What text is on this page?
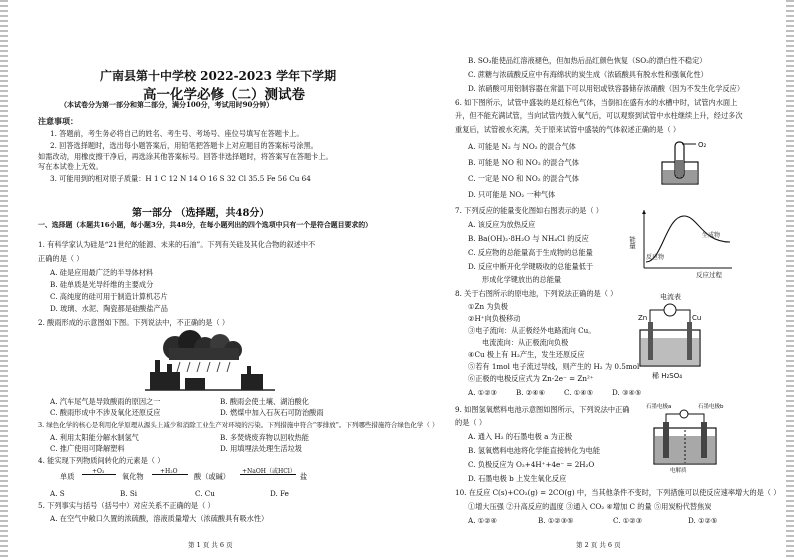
广南县第十中学校 2022-2023 学年下学期
高一化学必修（二）测试卷
（本试卷分为第一部分和第二部分，满分100分，考试用时90分钟）
注意事项：
1. 答题前，考生务必将自己的姓名、考生号、考场号、座位号填写在答题卡上。
2. 回答选择题时，选出每小题答案后，用铅笔把答题卡上对应题目的答案标号涂黑。
如需改动，用橡皮擦干净后，再选涂其他答案标号。回答非选择题时，将答案写在答题卡上。
写在本试卷上无效。
3. 可能用到的相对原子质量：H 1 C 12 N 14 O 16 S 32 Cl 35.5 Fe 56 Cu 64
第一部分 （选择题，共48分）
一、选择题（本题共16小题，每小题3分，共48分，在每小题列出的四个选项中只有一个是符合题目要求的）
1. 有科学家认为硅是“21世纪的能源、未来的石油”。下列有关硅及其化合物的叙述中不
正确的是（ ）
A. 硅是应用最广泛的半导体材料
B. 硅单质是光导纤维的主要成分
C. 高纯度的硅可用于制造计算机芯片
D. 玻璃、水泥、陶瓷都是硅酸盐产品
2. 酸雨形成的示意图如下图。下列说法中，不正确的是（ ）
A. 汽车尾气是导致酸雨的原因之一	B. 酸雨会使土壤、湖泊酸化
C. 酸雨形成中不涉及氧化还原反应	D. 燃煤中加入石灰石可防治酸雨
3. 绿色化学的核心是利用化学原理从源头上减少和消除工业生产对环境的污染。下列措施中符合“零排放”。下列哪些措施符合绿色化学（ ）
A. 利用太阳能分解水制氢气	B. 多焚烧废弃物以回收热能
C. 推广使用可降解塑料	D. 用填埋法处理生活垃圾
4. 能实现下列物质间转化的元素是（ ）
单质
+O₂
氧化物
+H₂O
酸（或碱）
+NaOH（或HCl）
盐
A. S	B. Si	C. Cu	D. Fe
5. 下列事实与括号（括号中）对应关系不正确的是（ ）
A. 在空气中敞口久置的浓硫酸，溶液质量增大（浓硫酸具有吸水性）
第 1 页 共 6 页
B. SO₂能使品红溶液褪色，但加热后品红颜色恢复（SO₂的漂白性不稳定）
C. 蔗糖与浓硫酸反应中有海绵状的炭生成（浓硫酸具有脱水性和强氧化性）
D. 浓硝酸可用铝制容器在常温下可以用铝或铁容器储存浓硝酸（因为不发生化学反应）
6. 如下图所示，试管中盛装的是红棕色气体，当倒扣在盛有水的水槽中时，试管内水面上
升，但不能充满试管，当向试管内鼓入氧气后，可以观察到试管中水柱继续上升，经过多次
重复后，试管被水充满，关于原来试管中盛装的气体叙述正确的是（ ）
A. 可能是 N₂ 与 NO₂ 的混合气体
B. 可能是 NO 和 NO₂ 的混合气体
C. 一定是 NO 和 NO₂ 的混合气体
D. 只可能是 NO₂ 一种气体
O₂
7. 下列反应的能量变化图如右图表示的是（ ）
A. 该反应为放热反应
B. Ba(OH)₂·8H₂O 与 NH₄Cl 的反应
C. 反应物的总能量高于生成物的总能量
D. 反应中断开化学键吸收的总能量低于
形成化学键放出的总能量
能量
生成物
反应物
反应过程
8. 关于右图所示的原电池，下列说法正确的是（ ）
①Zn 为负极
②H⁺向负极移动
③电子流向：从正极经外电路流向 Cu。
电流流向：从正极流向负极
④Cu 极上有 H₂产生，发生还原反应
⑤若有 1mol 电子流过导线，则产生的 H₂ 为 0.5mol
⑥正极的电极反应式为 Zn-2e⁻ = Zn²⁺
A. ①②③	B. ②④⑥	C. ①④⑤	D. ③④⑤
电流表
Zn	Cu
稀 H₂SO₄
9. 如图氢氧燃料电池示意图如图所示，下列说法中正确
的是（ ）
A. 通入 H₂ 的石墨电极 a 为正极
B. 氢氧燃料电池将化学能直接转化为电能
C. 负极反应为 O₂+4H⁺+4e⁻ = 2H₂O
D. 石墨电极 b 上发生氧化反应
石墨电极a	石墨电极b
电解质
10. 在反应 C(s)+CO₂(g) = 2CO(g) 中，当其他条件不变时，下列措施可以使反应速率增大的是（ ）
①增大压强 ②升高反应的温度 ③通入 CO₂ ④增加 C 的量 ⑤用炭粉代替焦炭
A. ①②④	B. ①②③⑤	C. ①②③	D. ①②⑤
第 2 页 共 6 页
